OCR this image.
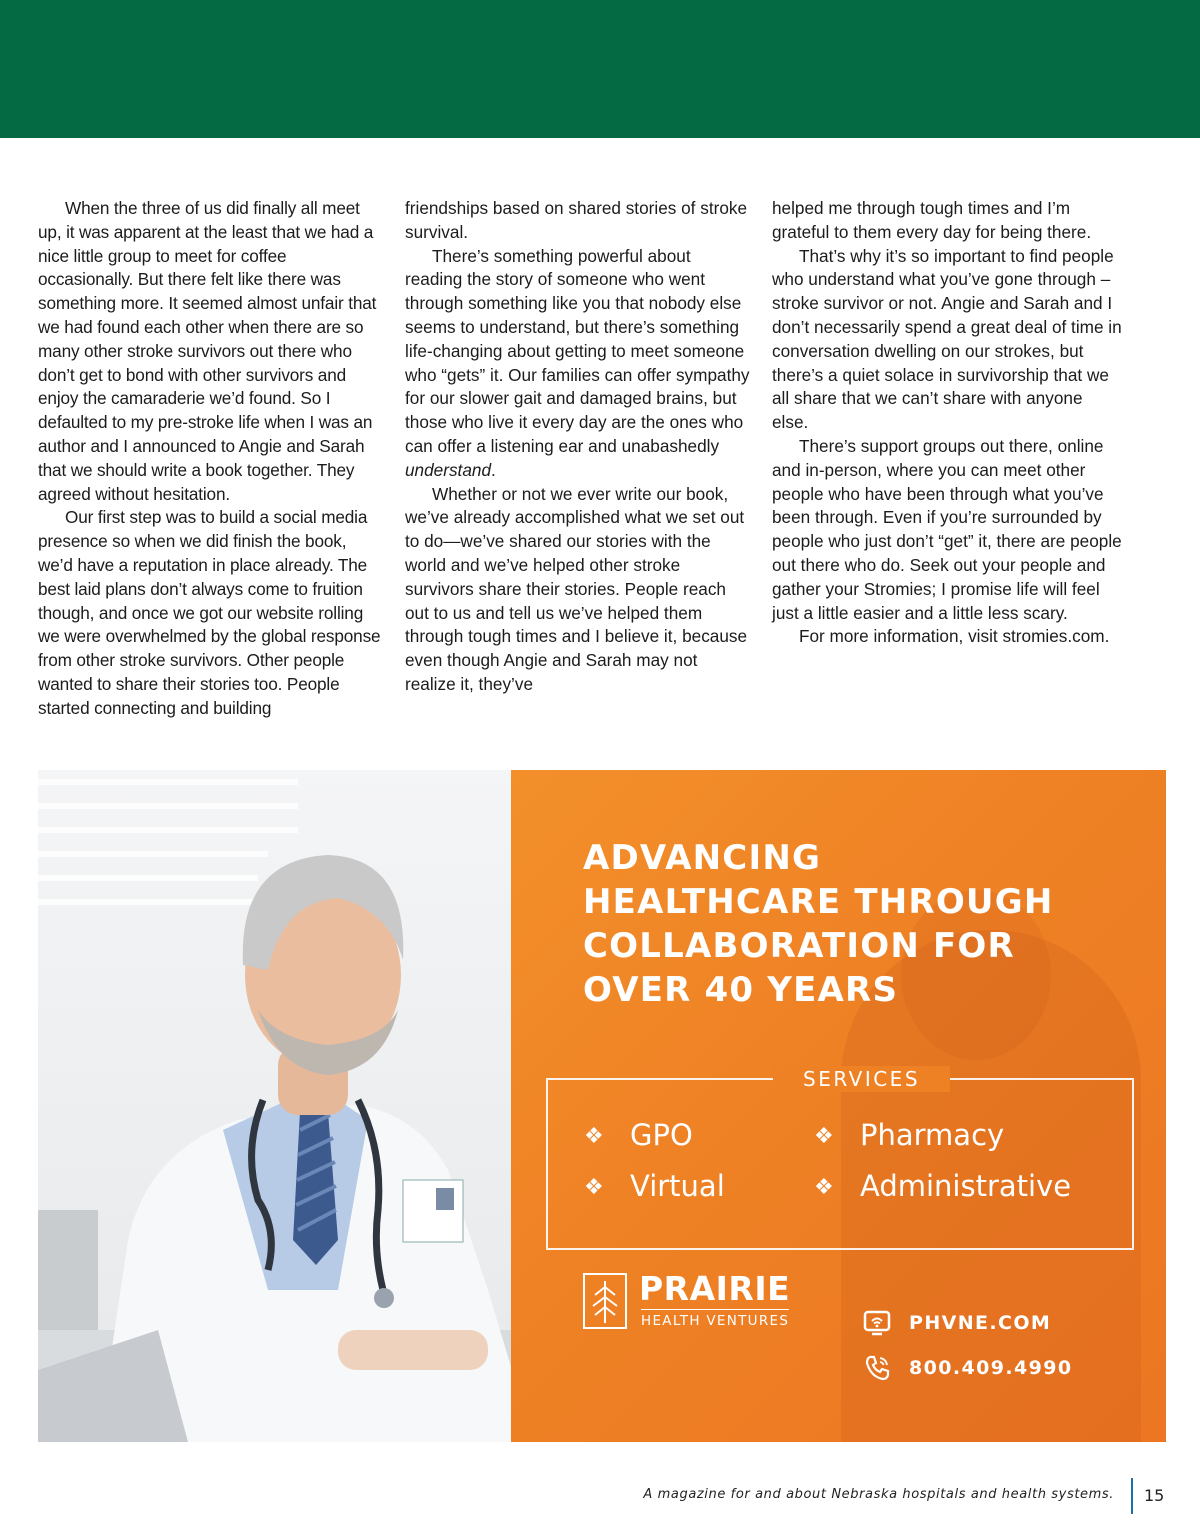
When the three of us did finally all meet up, it was apparent at the least that we had a nice little group to meet for coffee occasionally. But there felt like there was something more. It seemed almost unfair that we had found each other when there are so many other stroke survivors out there who don’t get to bond with other survivors and enjoy the camaraderie we’d found. So I defaulted to my pre-stroke life when I was an author and I announced to Angie and Sarah that we should write a book together. They agreed without hesitation.

Our first step was to build a social media presence so when we did finish the book, we’d have a reputation in place already. The best laid plans don’t always come to fruition though, and once we got our website rolling we were overwhelmed by the global response from other stroke survivors. Other people wanted to share their stories too. People started connecting and building

friendships based on shared stories of stroke survival.

There’s something powerful about reading the story of someone who went through something like you that nobody else seems to understand, but there’s something life-changing about getting to meet someone who “gets” it. Our families can offer sympathy for our slower gait and damaged brains, but those who live it every day are the ones who can offer a listening ear and unabashedly understand.

Whether or not we ever write our book, we’ve already accomplished what we set out to do—we’ve shared our stories with the world and we’ve helped other stroke survivors share their stories. People reach out to us and tell us we’ve helped them through tough times and I believe it, because even though Angie and Sarah may not realize it, they’ve

helped me through tough times and I’m grateful to them every day for being there.

That’s why it’s so important to find people who understand what you’ve gone through – stroke survivor or not. Angie and Sarah and I don’t necessarily spend a great deal of time in conversation dwelling on our strokes, but there’s a quiet solace in survivorship that we all share that we can’t share with anyone else.

There’s support groups out there, online and in-person, where you can meet other people who have been through what you’ve been through. Even if you’re surrounded by people who just don’t “get” it, there are people out there who do. Seek out your people and gather your Stromies; I promise life will feel just a little easier and a little less scary.

For more information, visit stromies.com.

ADVANCING
HEALTHCARE THROUGH
COLLABORATION FOR
OVER 40 YEARS
SERVICES
❖ GPO	❖ Pharmacy
❖ Virtual	❖ Administrative
PRAIRIE
HEALTH VENTURES	PHVNE.COM
800.409.4990
A magazine for and about Nebraska hospitals and health systems. 15
